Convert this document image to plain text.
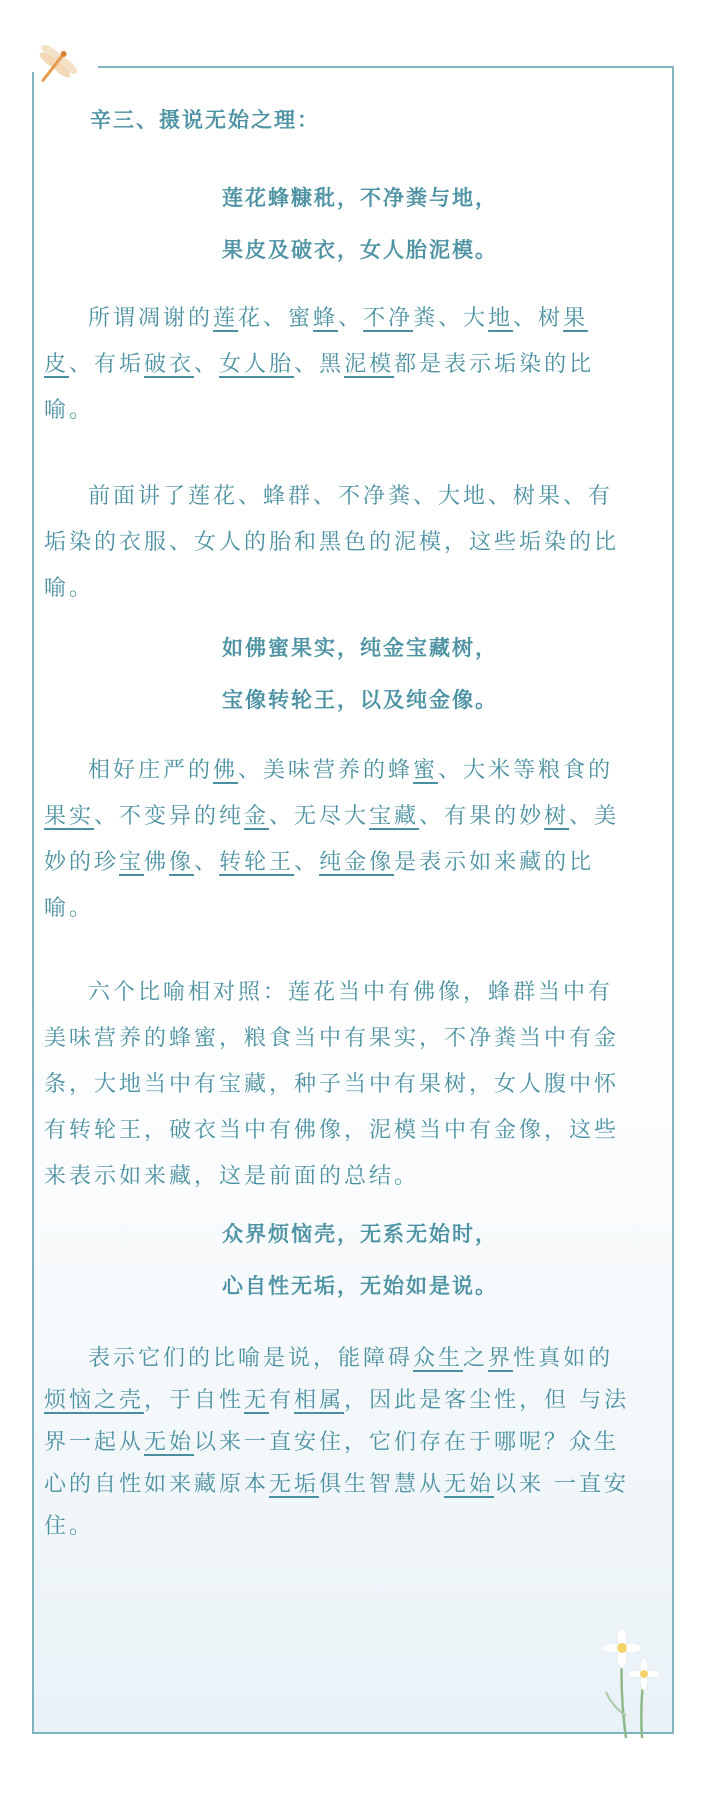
辛三、摄说无始之理：
莲花蜂糠秕，不净粪与地，
果皮及破衣，女人胎泥模。

所谓凋谢的莲花、蜜蜂、不净粪、大地、树果皮、有垢破衣、女人胎、黑泥模都是表示垢染的比喻。

前面讲了莲花、蜂群、不净粪、大地、树果、有垢染的衣服、女人的胎和黑色的泥模，这些垢染的比喻。

如佛蜜果实，纯金宝藏树，
宝像转轮王，以及纯金像。

相好庄严的佛、美味营养的蜂蜜、大米等粮食的果实、不变异的纯金、无尽大宝藏、有果的妙树、美妙的珍宝佛像、转轮王、纯金像是表示如来藏的比喻。

六个比喻相对照：莲花当中有佛像，蜂群当中有美味营养的蜂蜜，粮食当中有果实，不净粪当中有金条，大地当中有宝藏，种子当中有果树，女人腹中怀有转轮王，破衣当中有佛像，泥模当中有金像，这些来表示如来藏，这是前面的总结。

众界烦恼壳，无系无始时，
心自性无垢，无始如是说。

表示它们的比喻是说，能障碍众生之界性真如的烦恼之壳，于自性无有相属，因此是客尘性，但 与法界一起从无始以来一直安住，它们存在于哪呢？众生心的自性如来藏原本无垢俱生智慧从无始以来 一直安住。
